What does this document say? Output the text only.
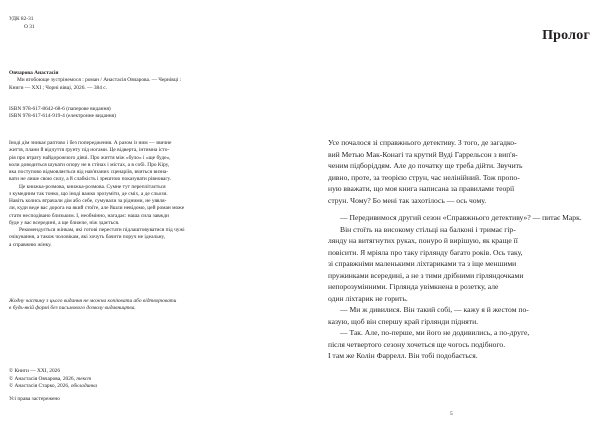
УДК 82-31

О 31

Овчарова Анастасія
Ми втобоюще зустрінемося : роман / Анастасія Овчарова. — Чернівці :
Книги — XXI ; Чорні вівці, 2026. — 384 с.
ISBN 978-617-8642-68-6 (паперове видання)
ISBN 978-617-614-919-4 (електронне видання)
Іноді дім зникає раптово і без попередження. А разом із ним — звичне
життя, плани й відчуття ґрунту під ногами. Це відверта, інтимна істо-
рія про втрату найдорожчого дівчі. Про життя між «було» і «ще буде»,
коли доводиться шукати опору не в стінах і містах, а в собі. Про Кіру,
яка поступово відмовляється від нав'язаних сценаріїв, вчиться визна-
вати не лише свою силу, а й слабкість і зрештою показувати рівновагу.
Це книжка-розмова, книжка-розмова. Сумне тут переплітається
з кумедним так тонко, що іноді важко зрозуміти, де сміх, а де сльози.
Навіть колись втрачали дім або себе, сумували за рідними, не уявля-
ли, куди веде вас дорога на який стоїте, але йшли невідомо, цей роман може
стати несподівано близьким. І, необмінно, нагадає: наша сила завжди
буде у вас всередині, а ще ближче, ніж здається.
Рекомендується жінкам, які готові перестати підлаштовуватися під чужі
очікування, а також чоловікам, які хочуть бачити поруч не ідеальну,
а справжню жінку.
Жодну частину з цього видання не можна копіювати або відтворювати
в будь-якій формі без письмового дозволу видавництва.
© Книги — XXI, 2026
© Анастасія Овчарова, 2026, текст
© Анастасія Старко, 2026, обкладинка

Усі права застережено

Пролог
Усе почалося зі справжнього детективу. З того, де загадко-
вий Метью Мак-Конагі та крутий Вуді Гаррельсон з вип'я-
ченим підборіддям. Але до початку ще треба дійти. Звучить
дивно, проте, за теорією струн, час нелінійний. Тож пропо-
ную вважати, що моя книга написана за правилами теорії
струн. Чому? Бо мені так захотілось — ось чому.
— Передивимося другий сезон «Справжнього детективу»? — питає Марк.
Він стоїть на високому стільці на балконі і тримає гір-
лянду на витягнутих руках, понуро й вирішую, як краще її
повісити. Я мріяла про таку гірлянду багато років. Ось таку,
зі справжніми маленькими ліхтариками та з іще меншими
пружинками всередині, а не з тими дрібними гірляндочками
непорозумінними. Гірлянда увімкнена в розетку, але
один ліхтарик не горить.
— Ми ж дивилися. Він такий собі, — кажу я й жестом по-
казую, щоб він спершу край гірлянди підняти.
— Так. Але, по-перше, ми його не додивились, а по-друге,
після четвертого сезону хочеться ще чогось подібного.
І там же Колін Фаррелл. Він тобі подобається.
5
